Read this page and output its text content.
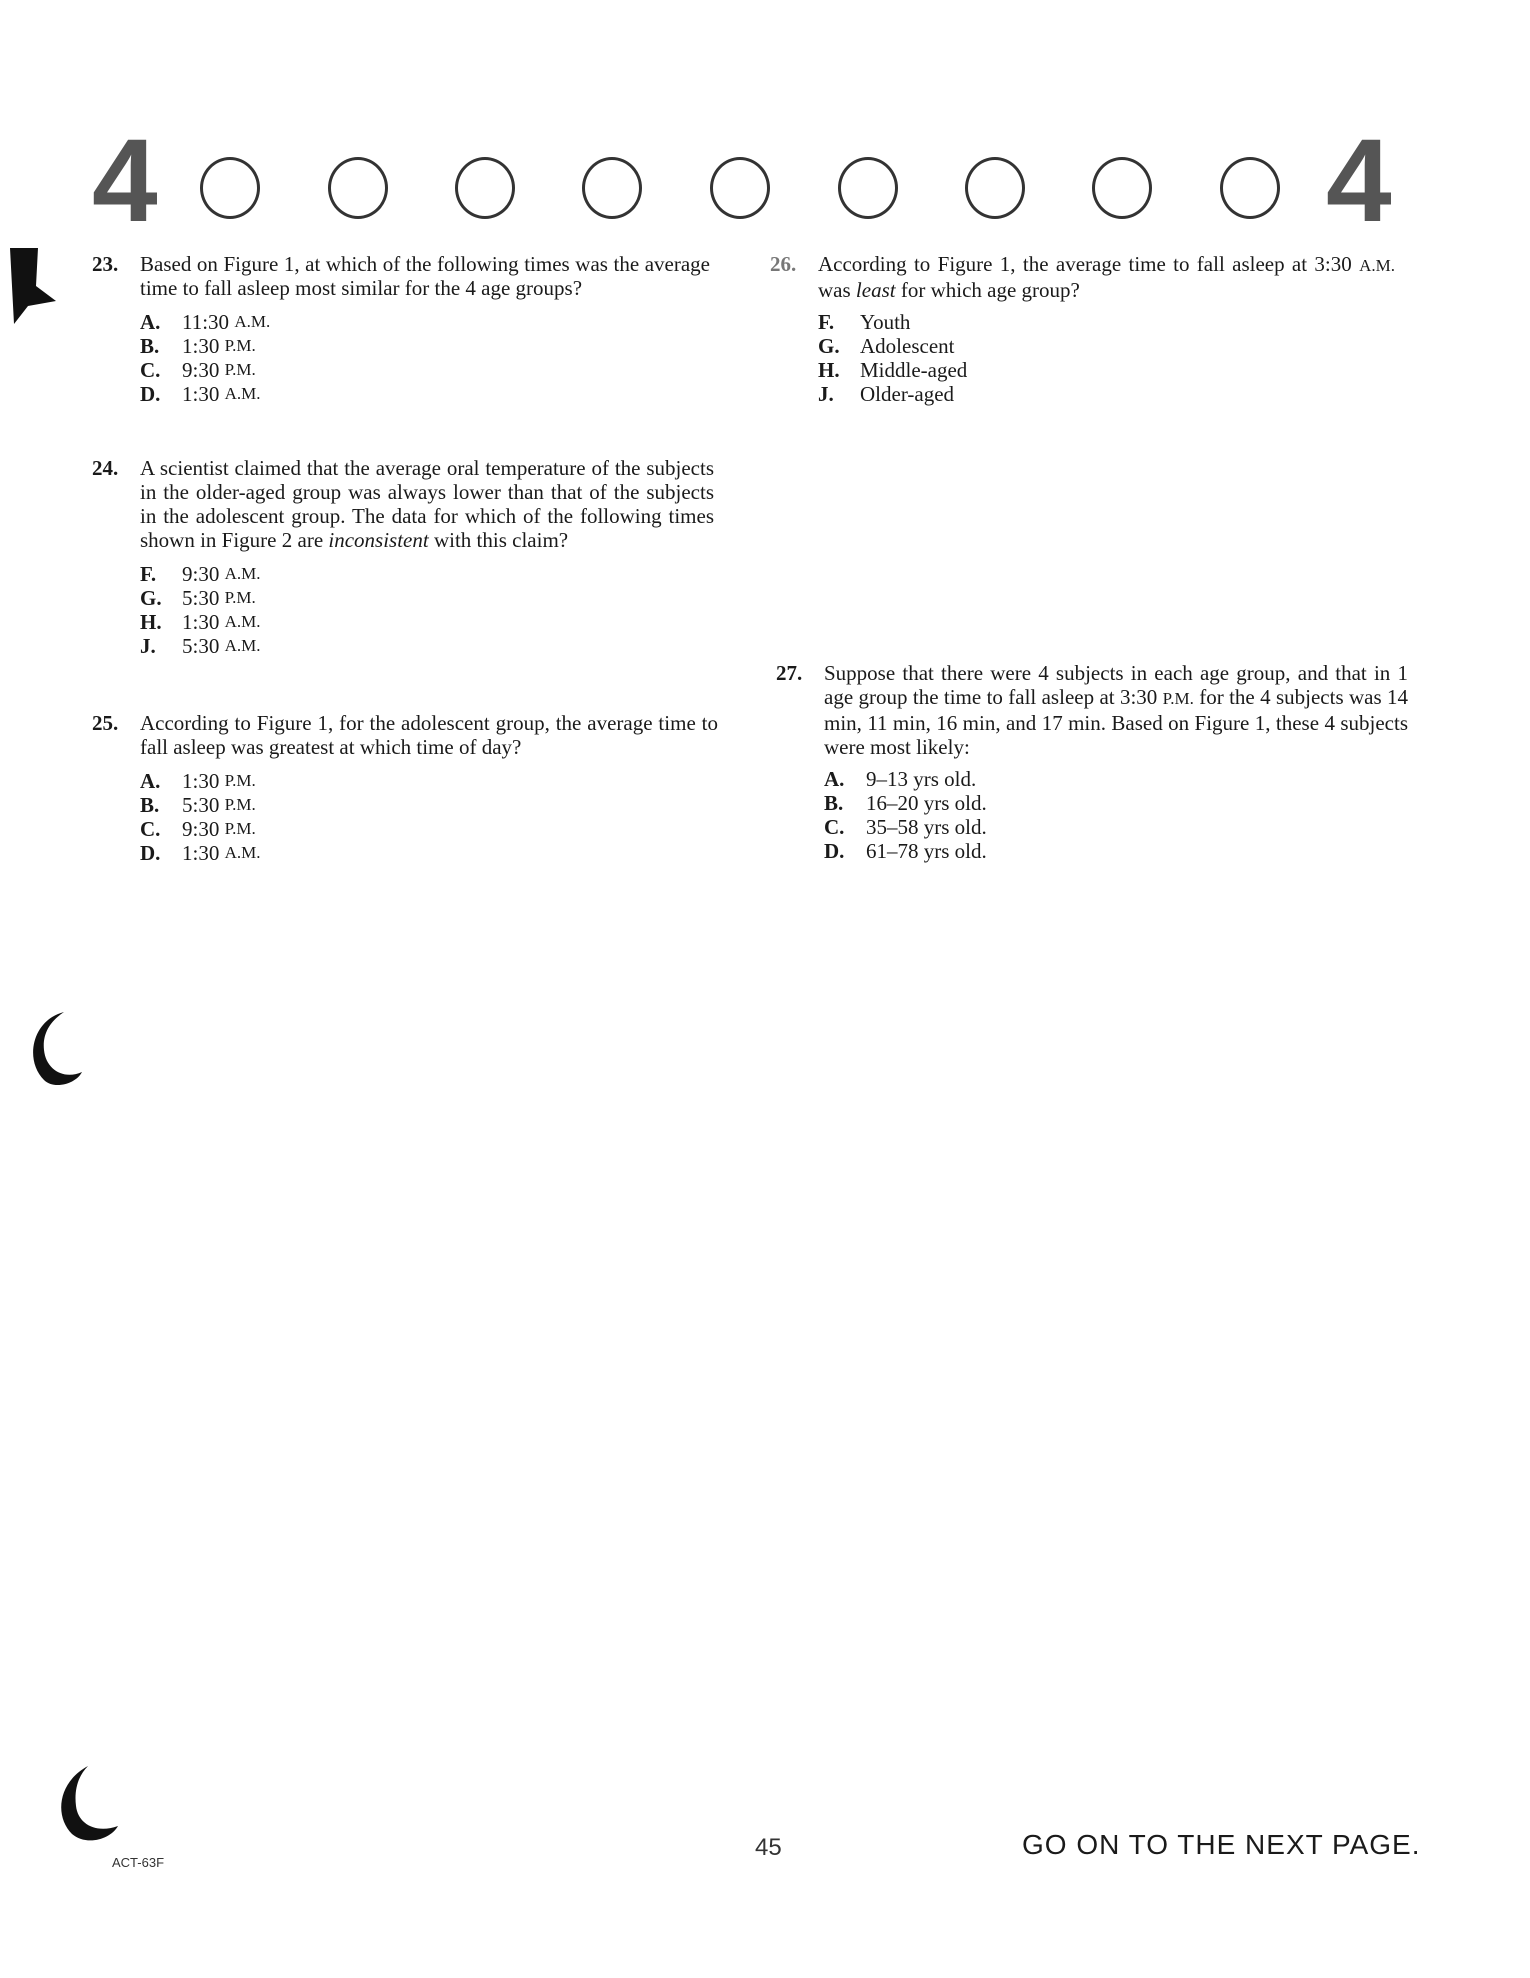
4	4
23. Based on Figure 1, at which of the following times was the average time to fall asleep most similar for the 4 age groups?
A.	11:30
A.M.
B.	1:30
P.M.
C.	9:30
P.M.
D.	1:30
A.M.
24. A scientist claimed that the average oral temperature of the subjects in the older-aged group was always lower than that of the subjects in the adolescent group. The data for which of the following times shown in Figure 2 are inconsistent with this claim?
F.	9:30
A.M.
G. 5:30
P.M.
H. 1:30
A.M.
J.	5:30
A.M.
25. According to Figure 1, for the adolescent group, the average time to fall asleep was greatest at which time of day?
A.	1:30
P.M.
B.	5:30
P.M.
C.	9:30
P.M.
D.	1:30
A.M.
26. According to Figure 1, the average time to fall asleep at 3:30 A.M. was least for which age group?
F.	Youth
G. Adolescent
H. Middle-aged
J.	Older-aged
27. Suppose that there were 4 subjects in each age group, and that in 1 age group the time to fall asleep at 3:30 P.M. for the 4 subjects was 14 min, 11 min, 16 min, and 17 min. Based on Figure 1, these 4 subjects were most likely:
A.	9–13 yrs old.
B.	16–20 yrs old.
C.	35–58 yrs old.
D.	61–78 yrs old.
ACT-63F
45	GO ON TO THE NEXT PAGE.
